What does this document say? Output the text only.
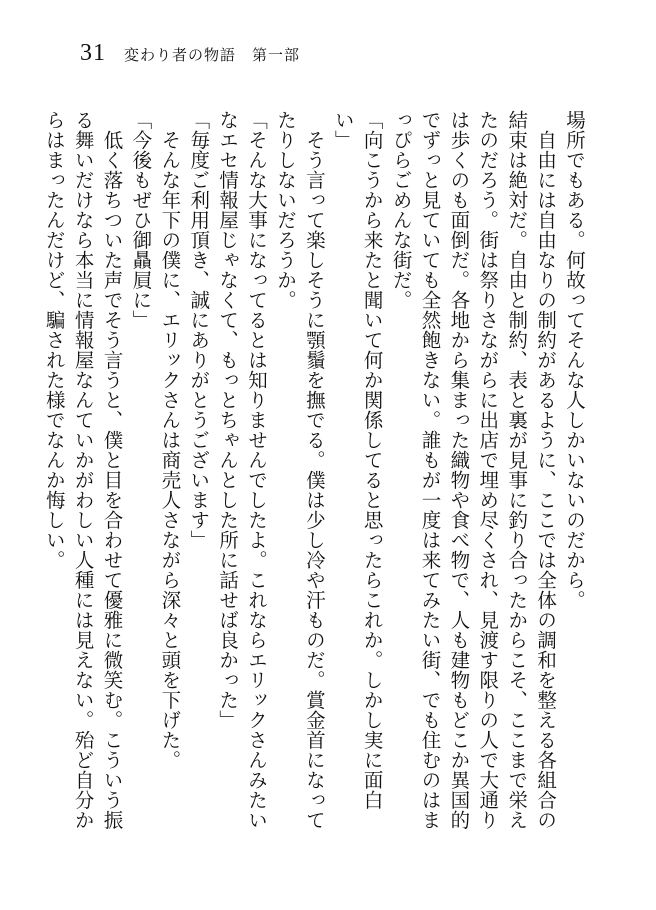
31 変わり者の物語　第一部

場所でもある。何故ってそんな人しかいないのだから。

　自由には自由なりの制約があるように、ここでは全体の調和を整える各組合の結束は絶対だ。自由と制約、表と裏が見事に釣り合ったからこそ、ここまで栄えたのだろう。街は祭りさながらに出店で埋め尽くされ、見渡す限りの人で大通りは歩くのも面倒だ。各地から集まった織物や食べ物で、人も建物もどこか異国的でずっと見ていても全然飽きない。誰もが一度は来てみたい街、でも住むのはまっぴらごめんな街だ。

「向こうから来たと聞いて何か関係してると思ったらこれか。しかし実に面白い」

　そう言って楽しそうに顎鬚を撫でる。僕は少し冷や汗ものだ。賞金首になってたりしないだろうか。

「そんな大事になってるとは知りませんでしたよ。これならエリックさんみたいなエセ情報屋じゃなくて、もっとちゃんとした所に話せば良かった」

「毎度ご利用頂き、誠にありがとうございます」

　そんな年下の僕に、エリックさんは商売人さながら深々と頭を下げた。

「今後もぜひ御贔屓に」

　低く落ちついた声でそう言うと、僕と目を合わせて優雅に微笑む。こういう振る舞いだけなら本当に情報屋なんていかがわしい人種には見えない。殆ど自分からはまったんだけど、騙された様でなんか悔しい。
